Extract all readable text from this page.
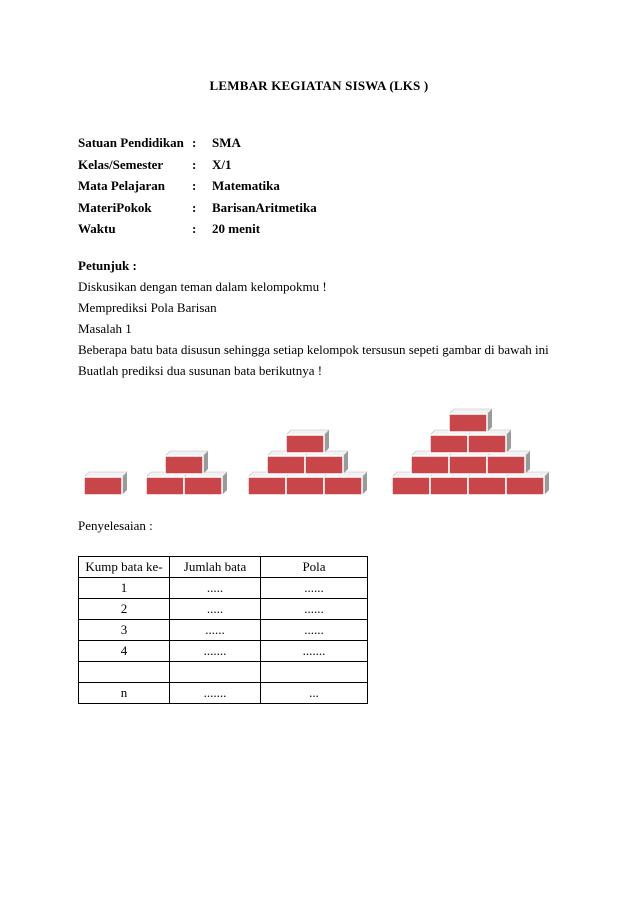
LEMBAR KEGIATAN SISWA (LKS )
Satuan Pendidikan :	SMA
Kelas/Semester	:	X/1
Mata Pelajaran	:	Matematika
MateriPokok	:	BarisanAritmetika
Waktu	:	20 menit
Petunjuk :
Diskusikan dengan teman dalam kelompokmu !
Memprediksi Pola Barisan
Masalah 1
Beberapa batu bata disusun sehingga setiap kelompok tersusun sepeti gambar di bawah ini
Buatlah prediksi dua susunan bata berikutnya !
Penyelesaian :
Kump bata ke-	Jumlah bata	Pola
1	.....	......
2	.....	......
3	......	......
4	.......	.......

n	.......	...
